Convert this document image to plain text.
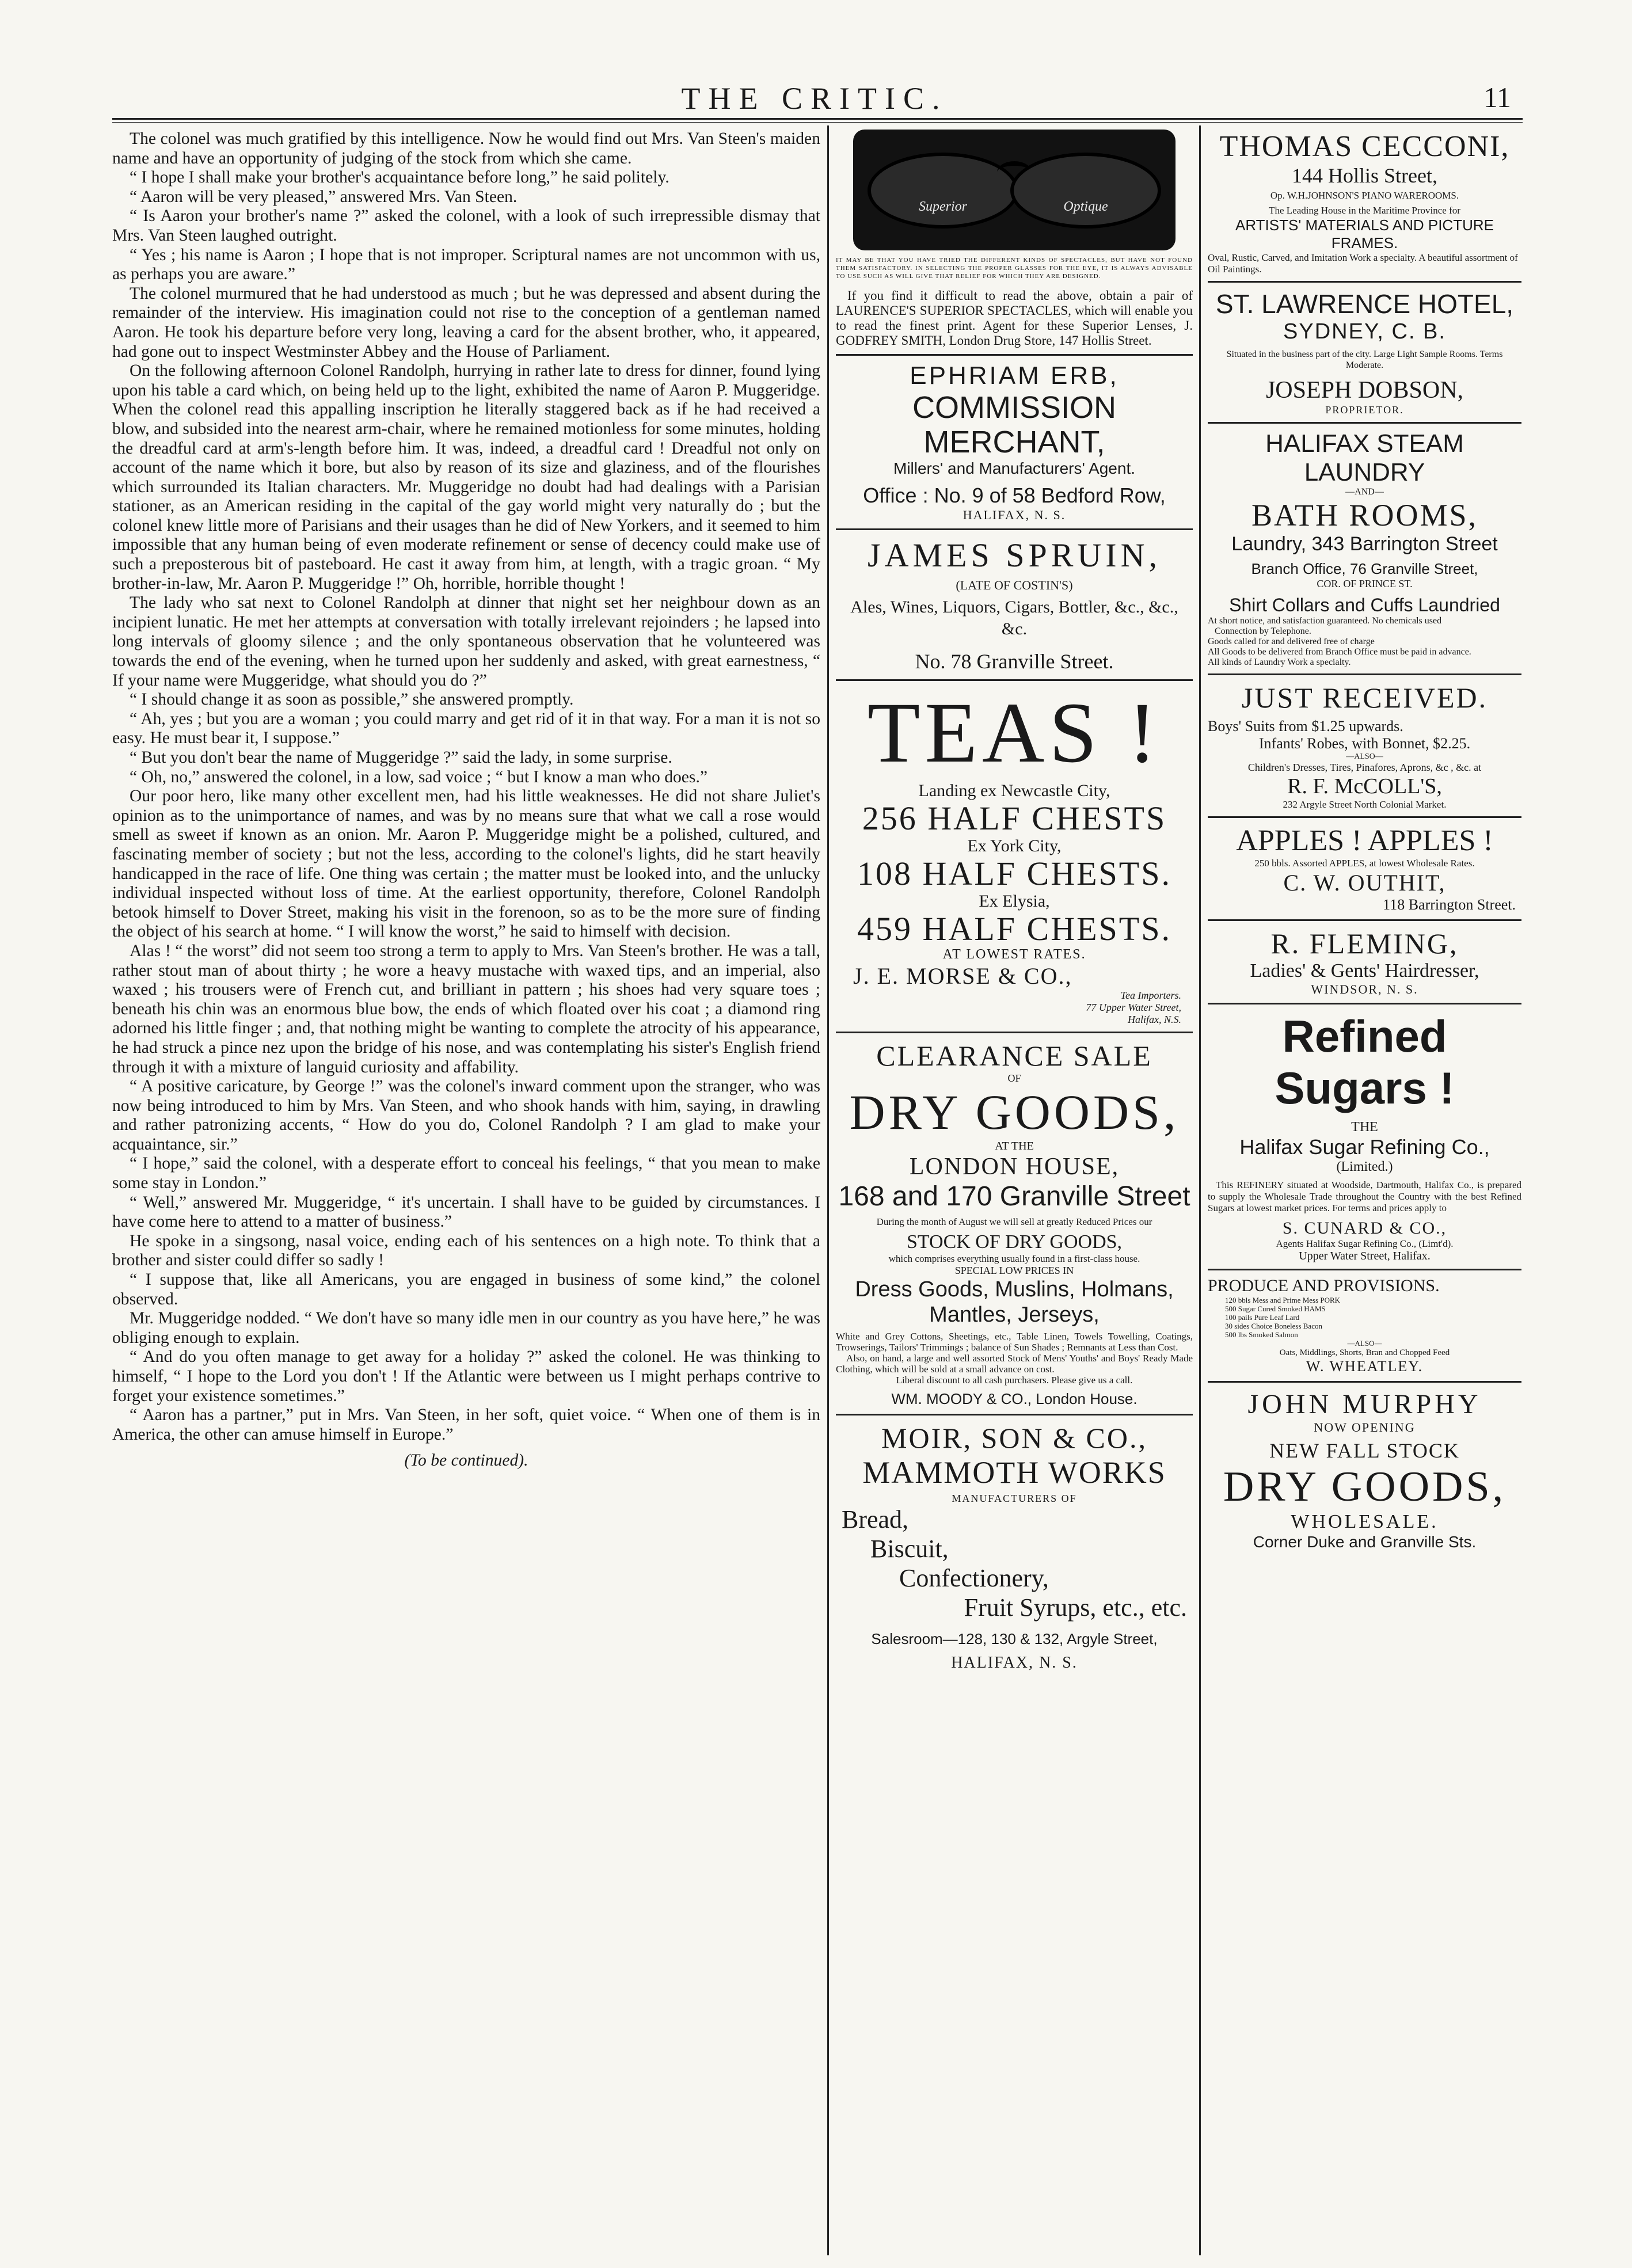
THE CRITIC.	11

The colonel was much gratified by this intelligence. Now he would find out Mrs. Van Steen's maiden name and have an opportunity of judging of the stock from which she came.

“ I hope I shall make your brother's acquaintance before long,” he said politely.

“ Aaron will be very pleased,” answered Mrs. Van Steen.

“ Is Aaron your brother's name ?” asked the colonel, with a look of such irrepressible dismay that Mrs. Van Steen laughed outright.

“ Yes ; his name is Aaron ; I hope that is not improper. Scriptural names are not uncommon with us, as perhaps you are aware.”

The colonel murmured that he had understood as much ; but he was depressed and absent during the remainder of the interview. His imagination could not rise to the conception of a gentleman named Aaron. He took his departure before very long, leaving a card for the absent brother, who, it appeared, had gone out to inspect Westminster Abbey and the House of Parliament.

On the following afternoon Colonel Randolph, hurrying in rather late to dress for dinner, found lying upon his table a card which, on being held up to the light, exhibited the name of Aaron P. Muggeridge. When the colonel read this appalling inscription he literally staggered back as if he had received a blow, and subsided into the nearest arm-chair, where he remained motionless for some minutes, holding the dreadful card at arm's-length before him. It was, indeed, a dreadful card ! Dreadful not only on account of the name which it bore, but also by reason of its size and glaziness, and of the flourishes which surrounded its Italian characters. Mr. Muggeridge no doubt had had dealings with a Parisian stationer, as an American residing in the capital of the gay world might very naturally do ; but the colonel knew little more of Parisians and their usages than he did of New Yorkers, and it seemed to him impossible that any human being of even moderate refinement or sense of decency could make use of such a preposterous bit of pasteboard. He cast it away from him, at length, with a tragic groan. “ My brother-in-law, Mr. Aaron P. Muggeridge !” Oh, horrible, horrible thought !

The lady who sat next to Colonel Randolph at dinner that night set her neighbour down as an incipient lunatic. He met her attempts at conversation with totally irrelevant rejoinders ; he lapsed into long intervals of gloomy silence ; and the only spontaneous observation that he volunteered was towards the end of the evening, when he turned upon her suddenly and asked, with great earnestness, “ If your name were Muggeridge, what should you do ?”

“ I should change it as soon as possible,” she answered promptly.

“ Ah, yes ; but you are a woman ; you could marry and get rid of it in that way. For a man it is not so easy. He must bear it, I suppose.”

“ But you don't bear the name of Muggeridge ?” said the lady, in some surprise.

“ Oh, no,” answered the colonel, in a low, sad voice ; “ but I know a man who does.”

Our poor hero, like many other excellent men, had his little weaknesses. He did not share Juliet's opinion as to the unimportance of names, and was by no means sure that what we call a rose would smell as sweet if known as an onion. Mr. Aaron P. Muggeridge might be a polished, cultured, and fascinating member of society ; but not the less, according to the colonel's lights, did he start heavily handicapped in the race of life. One thing was certain ; the matter must be looked into, and the unlucky individual inspected without loss of time. At the earliest opportunity, therefore, Colonel Randolph betook himself to Dover Street, making his visit in the forenoon, so as to be the more sure of finding the object of his search at home. “ I will know the worst,” he said to himself with decision.

Alas ! “ the worst” did not seem too strong a term to apply to Mrs. Van Steen's brother. He was a tall, rather stout man of about thirty ; he wore a heavy mustache with waxed tips, and an imperial, also waxed ; his trousers were of French cut, and brilliant in pattern ; his shoes had very square toes ; beneath his chin was an enormous blue bow, the ends of which floated over his coat ; a diamond ring adorned his little finger ; and, that nothing might be wanting to complete the atrocity of his appearance, he had struck a pince nez upon the bridge of his nose, and was contemplating his sister's English friend through it with a mixture of languid curiosity and affability.

“ A positive caricature, by George !” was the colonel's inward comment upon the stranger, who was now being introduced to him by Mrs. Van Steen, and who shook hands with him, saying, in drawling and rather patronizing accents, “ How do you do, Colonel Randolph ? I am glad to make your acquaintance, sir.”

“ I hope,” said the colonel, with a desperate effort to conceal his feelings, “ that you mean to make some stay in London.”

“ Well,” answered Mr. Muggeridge, “ it's uncertain. I shall have to be guided by circumstances. I have come here to attend to a matter of business.”

He spoke in a singsong, nasal voice, ending each of his sentences on a high note. To think that a brother and sister could differ so sadly !

“ I suppose that, like all Americans, you are engaged in business of some kind,” the colonel observed.

Mr. Muggeridge nodded. “ We don't have so many idle men in our country as you have here,” he was obliging enough to explain.

“ And do you often manage to get away for a holiday ?” asked the colonel. He was thinking to himself, “ I hope to the Lord you don't ! If the Atlantic were between us I might perhaps contrive to forget your existence sometimes.”

“ Aaron has a partner,” put in Mrs. Van Steen, in her soft, quiet voice. “ When one of them is in America, the other can amuse himself in Europe.”

(To be continued).

Superior	Optique
IT MAY BE THAT YOU HAVE TRIED THE DIFFERENT KINDS OF SPECTACLES, BUT HAVE NOT FOUND THEM SATISFACTORY. IN SELECTING THE PROPER GLASSES FOR THE EYE, IT IS ALWAYS ADVISABLE TO USE SUCH AS WILL GIVE THAT RELIEF FOR WHICH THEY ARE DESIGNED.
If you find it difficult to read the above, obtain a pair of LAURENCE'S SUPERIOR SPECTACLES, which will enable you to read the finest print. Agent for these Superior Lenses, J. GODFREY SMITH, London Drug Store, 147 Hollis Street.
EPHRIAM ERB,
COMMISSION MERCHANT,
Millers' and Manufacturers' Agent.
Office : No. 9 of 58 Bedford Row,
HALIFAX, N. S.
JAMES SPRUIN,
(LATE OF COSTIN'S)
Ales, Wines, Liquors, Cigars, Bottler, &c., &c., &c.
No. 78 Granville Street.
TEAS !
Landing ex Newcastle City,
256 HALF CHESTS
Ex York City,
108 HALF CHESTS.
Ex Elysia,
459 HALF CHESTS.
AT LOWEST RATES.
J. E. MORSE & CO.,
Tea Importers.
77 Upper Water Street,
Halifax, N.S.
CLEARANCE SALE
OF
DRY GOODS,
AT THE
LONDON HOUSE,
168 and 170 Granville Street
During the month of August we will sell at greatly Reduced Prices our
STOCK OF DRY GOODS,
which comprises everything usually found in a first-class house.
SPECIAL LOW PRICES IN
Dress Goods, Muslins, Holmans, Mantles, Jerseys,
White and Grey Cottons, Sheetings, etc., Table Linen, Towels Towelling, Coatings, Trowserings, Tailors' Trimmings ; balance of Sun Shades ; Remnants at Less than Cost.
Also, on hand, a large and well assorted Stock of Mens' Youths' and Boys' Ready Made Clothing, which will be sold at a small advance on cost.
Liberal discount to all cash purchasers. Please give us a call.
WM. MOODY & CO., London House.
MOIR, SON & CO.,
MAMMOTH WORKS
MANUFACTURERS OF
Bread,
Biscuit,
Confectionery,
Fruit Syrups, etc., etc.
Salesroom—128, 130 & 132, Argyle Street,
HALIFAX, N. S.
THOMAS CECCONI,
144 Hollis Street,
Op. W.H.JOHNSON'S PIANO WAREROOMS.
The Leading House in the Maritime Province for
ARTISTS' MATERIALS AND PICTURE FRAMES.
Oval, Rustic, Carved, and Imitation Work a specialty. A beautiful assortment of Oil Paintings.
ST. LAWRENCE HOTEL,
SYDNEY, C. B.
Situated in the business part of the city. Large Light Sample Rooms. Terms Moderate.
JOSEPH DOBSON,
PROPRIETOR.
HALIFAX STEAM LAUNDRY
—AND—
BATH ROOMS,
Laundry, 343 Barrington Street
Branch Office, 76 Granville Street,
COR. OF PRINCE ST.
Shirt Collars and Cuffs Laundried
At short notice, and satisfaction guaranteed. No chemicals used
Connection by Telephone.
Goods called for and delivered free of charge
All Goods to be delivered from Branch Office must be paid in advance.
All kinds of Laundry Work a specialty.
JUST RECEIVED.
Boys' Suits from $1.25 upwards.
Infants' Robes, with Bonnet, $2.25.
—ALSO—
Children's Dresses, Tires, Pinafores, Aprons, &c , &c. at
R. F. McCOLL'S,
232 Argyle Street North Colonial Market.
APPLES ! APPLES !
250 bbls. Assorted APPLES, at lowest Wholesale Rates.
C. W. OUTHIT,
118 Barrington Street.
R. FLEMING,
Ladies' & Gents' Hairdresser,
WINDSOR, N. S.
Refined Sugars !
THE
Halifax Sugar Refining Co.,
(Limited.)
This REFINERY situated at Woodside, Dartmouth, Halifax Co., is prepared to supply the Wholesale Trade throughout the Country with the best Refined Sugars at lowest market prices. For terms and prices apply to
S. CUNARD & CO.,
Agents Halifax Sugar Refining Co., (Limt'd).
Upper Water Street, Halifax.
PRODUCE AND PROVISIONS.
120 bbls Mess and Prime Mess PORK
500 Sugar Cured Smoked HAMS
100 pails Pure Leaf Lard
30 sides Choice Boneless Bacon
500 lbs Smoked Salmon
—ALSO—
Oats, Middlings, Shorts, Bran and Chopped Feed
W. WHEATLEY.
JOHN MURPHY
NOW OPENING
NEW FALL STOCK
DRY GOODS,
WHOLESALE.
Corner Duke and Granville Sts.
